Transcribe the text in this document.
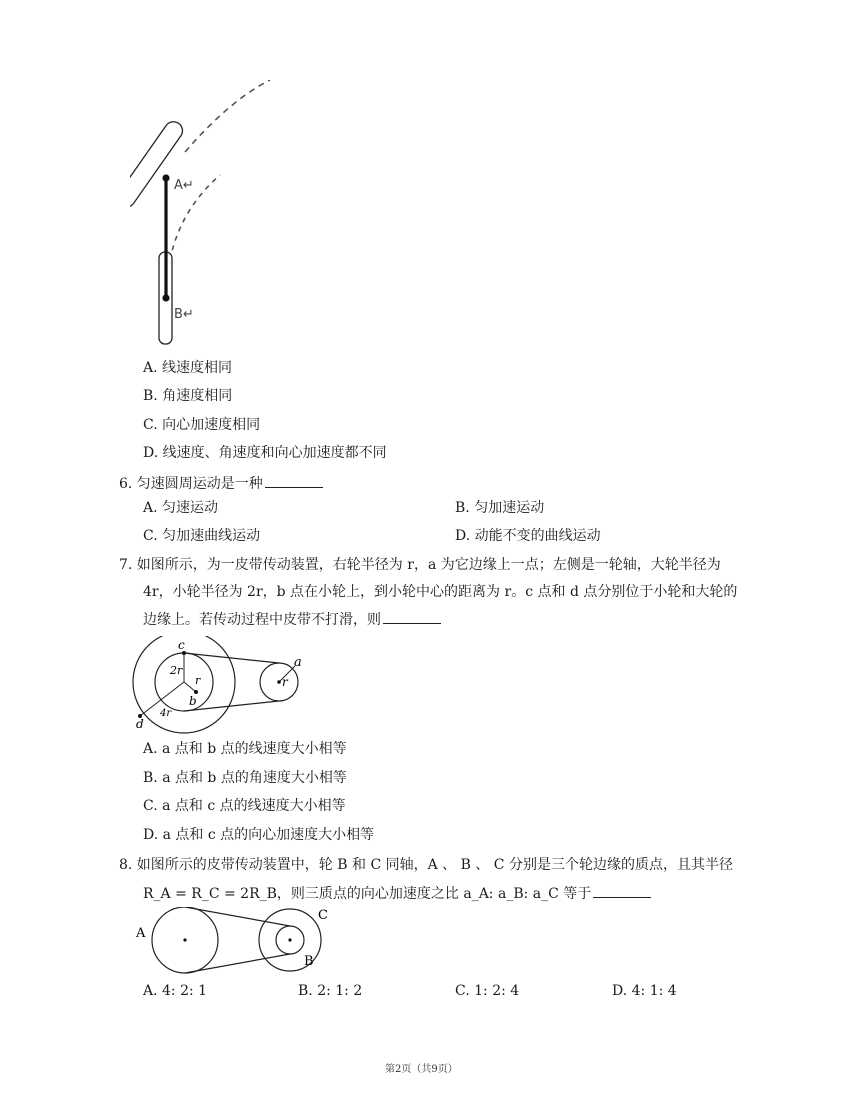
A↵
B↵
A. 线速度相同
B. 角速度相同
C. 向心加速度相同
D. 线速度、角速度和向心加速度都不同
6. 匀速圆周运动是一种
A. 匀速运动	B. 匀加速运动
C. 匀加速曲线运动	D. 动能不变的曲线运动
7. 如图所示，为一皮带传动装置，右轮半径为 r，a 为它边缘上一点；左侧是一轮轴，大轮半径为
4r，小轮半径为 2r，b 点在小轮上，到小轮中心的距离为 r。c 点和 d 点分别位于小轮和大轮的
边缘上。若传动过程中皮带不打滑，则
c
2r
r
b
d
4r
a
r
A. a 点和 b 点的线速度大小相等
B. a 点和 b 点的角速度大小相等
C. a 点和 c 点的线速度大小相等
D. a 点和 c 点的向心加速度大小相等
8. 如图所示的皮带传动装置中，轮 B 和 C 同轴，A 、 B 、 C 分别是三个轮边缘的质点，且其半径
R_A = R_C = 2R_B，则三质点的向心加速度之比 a_A: a_B: a_C 等于
A
C
B
A. 4: 2: 1	B. 2: 1: 2	C. 1: 2: 4	D. 4: 1: 4
第2页（共9页）
